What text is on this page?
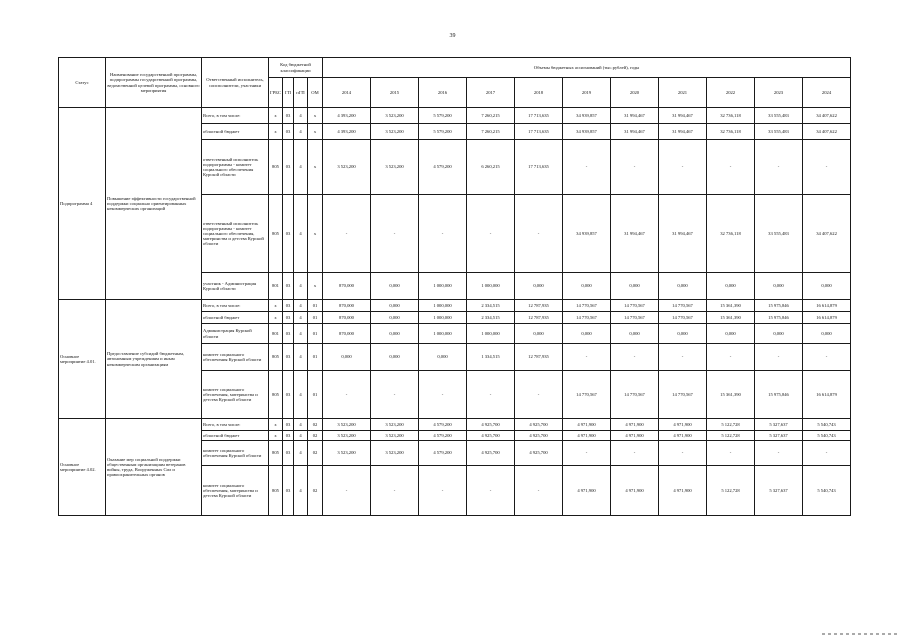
39
Статус	Наименование государственной программы, подпрограммы государственной программы, ведомственной целевой программы, основного мероприятия	Ответственный исполнитель, соисполнители, участники	Код бюджетной классификации				Объемы бюджетных ассигнований (тыс.рублей), годы										
			ГРБС	ГП	пГП	ОМ	2014	2015	2016	2017	2018	2019	2020	2021	2022	2023	2024
Подпрограмма 4	Повышение эффективности государственной поддержки социально ориентированных некоммерческих организаций	Всего, в том числе:	x	03	4	x	4 393,200	3 523,200	5 579,200	7 260,215	17 713,635	34 939,857	31 994,467	31 994,467	32 736,118	33 555,483	34 407,622
		областной бюджет	x	03	4	x	4 393,200	3 523,200	5 579,200	7 260,215	17 713,635	34 939,857	31 994,467	31 994,467	32 736,118	33 555,483	34 407,622
		ответственный исполнитель подпрограммы - комитет социального обеспечения Курской области	805	03	4	x	3 523,200	3 523,200	4 579,200	6 260,215	17 713,635	-	-	-	-	-	-
		ответственный исполнитель подпрограммы - комитет социального обеспечения, материнства и детства Курской области	805	03	4	x	-	-	-	-	-	34 939,857	31 994,467	31 994,467	32 736,118	33 555,483	34 407,622
		участник - Администрация Курской области	801	03	4	x	870,000	0,000	1 000,000	1 000,000	0,000	0,000	0,000	0,000	0,000	0,000	0,000
Основное мероприятие 4.01.	Предоставление субсидий бюджетным, автономным учреждениям и иным некоммерческим организациям	Всего, в том числе:	x	03	4	01	870,000	0,000	1 000,000	2 334,515	12 787,935	14 770,567	14 770,567	14 770,567	15 361,390	15 975,846	16 614,879
		областной бюджет	x	03	4	01	870,000	0,000	1 000,000	2 334,515	12 787,935	14 770,567	14 770,567	14 770,567	15 361,390	15 975,846	16 614,879
		Администрация Курской области	801	03	4	01	870,000	0,000	1 000,000	1 000,000	0,000	0,000	0,000	0,000	0,000	0,000	0,000
		комитет социального обеспечения Курской области	805	03	4	01	0,000	0,000	0,000	1 334,515	12 787,935	-	-	-	-	-	-
		комитет социального обеспечения, материнства и детства Курской области	805	03	4	01	-	-	-	-	-	14 770,567	14 770,567	14 770,567	15 361,390	15 975,846	16 614,879
Основное мероприятие 4.02.	Оказание мер социальной поддержки общественным организациям ветеранов войны, труда, Вооруженных Сил и правоохранительных органов	Всего, в том числе:	x	03	4	02	3 523,200	3 523,200	4 579,200	4 925,700	4 925,700	4 971,900	4 971,900	4 971,900	5 122,728	5 327,637	5 540,743
		областной бюджет	x	03	4	02	3 523,200	3 523,200	4 579,200	4 925,700	4 925,700	4 971,900	4 971,900	4 971,900	5 122,728	5 327,637	5 540,743
		комитет социального обеспечения Курской области	805	03	4	02	3 523,200	3 523,200	4 579,200	4 925,700	4 925,700	-	-	-	-	-	-
		комитет социального обеспечения, материнства и детства Курской области	805	03	4	02	-	-	-	-	-	4 971,900	4 971,900	4 971,900	5 122,728	5 327,637	5 540,743
